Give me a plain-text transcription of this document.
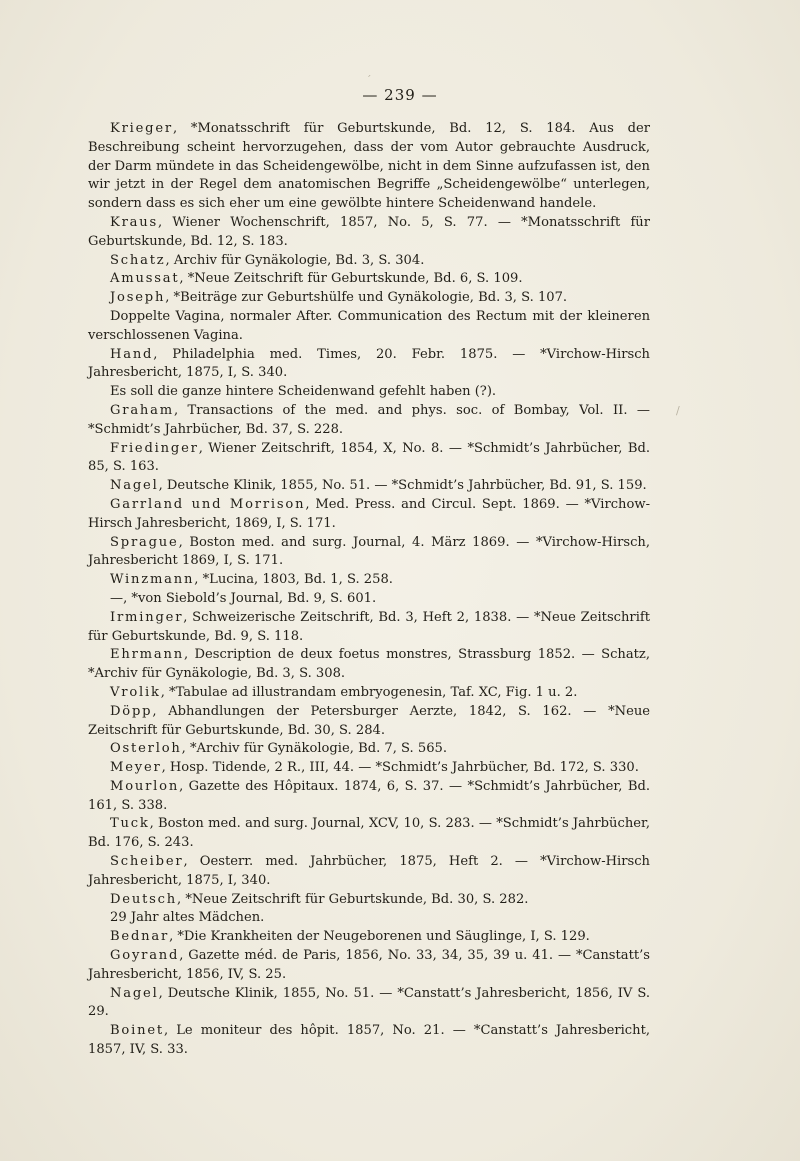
— 239 —

Krieger, *Monatsschrift für Geburtskunde, Bd. 12, S. 184. Aus der Beschreibung scheint hervorzugehen, dass der vom Autor gebrauchte Ausdruck, der Darm mündete in das Scheidengewölbe, nicht in dem Sinne aufzufassen ist, den wir jetzt in der Regel dem anatomischen Begriffe „Scheidengewölbe“ unterlegen, sondern dass es sich eher um eine gewölbte hintere Scheidenwand handele.

Kraus, Wiener Wochenschrift, 1857, No. 5, S. 77. — *Monatsschrift für Geburtskunde, Bd. 12, S. 183.

Schatz, Archiv für Gynäkologie, Bd. 3, S. 304.

Amussat, *Neue Zeitschrift für Geburtskunde, Bd. 6, S. 109.

Joseph, *Beiträge zur Geburtshülfe und Gynäkologie, Bd. 3, S. 107.

Doppelte Vagina, normaler After. Communication des Rectum mit der kleineren verschlossenen Vagina.

Hand, Philadelphia med. Times, 20. Febr. 1875. — *Virchow-Hirsch Jahresbericht, 1875, I, S. 340.

Es soll die ganze hintere Scheidenwand gefehlt haben (?).

Graham, Transactions of the med. and phys. soc. of Bombay, Vol. II. — *Schmidt’s Jahrbücher, Bd. 37, S. 228.

Friedinger, Wiener Zeitschrift, 1854, X, No. 8. — *Schmidt’s Jahrbücher, Bd. 85, S. 163.

Nagel, Deutsche Klinik, 1855, No. 51. — *Schmidt’s Jahrbücher, Bd. 91, S. 159.

Garrland und Morrison, Med. Press. and Circul. Sept. 1869. — *Virchow-Hirsch Jahresbericht, 1869, I, S. 171.

Sprague, Boston med. and surg. Journal, 4. März 1869. — *Virchow-Hirsch, Jahresbericht 1869, I, S. 171.

Winzmann, *Lucina, 1803, Bd. 1, S. 258.

—, *von Siebold’s Journal, Bd. 9, S. 601.

Irminger, Schweizerische Zeitschrift, Bd. 3, Heft 2, 1838. — *Neue Zeitschrift für Geburtskunde, Bd. 9, S. 118.

Ehrmann, Description de deux foetus monstres, Strassburg 1852. — Schatz, *Archiv für Gynäkologie, Bd. 3, S. 308.

Vrolik, *Tabulae ad illustrandam embryogenesin, Taf. XC, Fig. 1 u. 2.

Döpp, Abhandlungen der Petersburger Aerzte, 1842, S. 162. — *Neue Zeitschrift für Geburtskunde, Bd. 30, S. 284.

Osterloh, *Archiv für Gynäkologie, Bd. 7, S. 565.

Meyer, Hosp. Tidende, 2 R., III, 44. — *Schmidt’s Jahrbücher, Bd. 172, S. 330.

Mourlon, Gazette des Hôpitaux. 1874, 6, S. 37. — *Schmidt’s Jahrbücher, Bd. 161, S. 338.

Tuck, Boston med. and surg. Journal, XCV, 10, S. 283. — *Schmidt’s Jahrbücher, Bd. 176, S. 243.

Scheiber, Oesterr. med. Jahrbücher, 1875, Heft 2. — *Virchow-Hirsch Jahresbericht, 1875, I, 340.

Deutsch, *Neue Zeitschrift für Geburtskunde, Bd. 30, S. 282.

29 Jahr altes Mädchen.

Bednar, *Die Krankheiten der Neugeborenen und Säuglinge, I, S. 129.

Goyrand, Gazette méd. de Paris, 1856, No. 33, 34, 35, 39 u. 41. — *Canstatt’s Jahresbericht, 1856, IV, S. 25.

Nagel, Deutsche Klinik, 1855, No. 51. — *Canstatt’s Jahresbericht, 1856, IV S. 29.

Boinet, Le moniteur des hôpit. 1857, No. 21. — *Canstatt’s Jahresbericht, 1857, IV, S. 33.

ˊ
/
